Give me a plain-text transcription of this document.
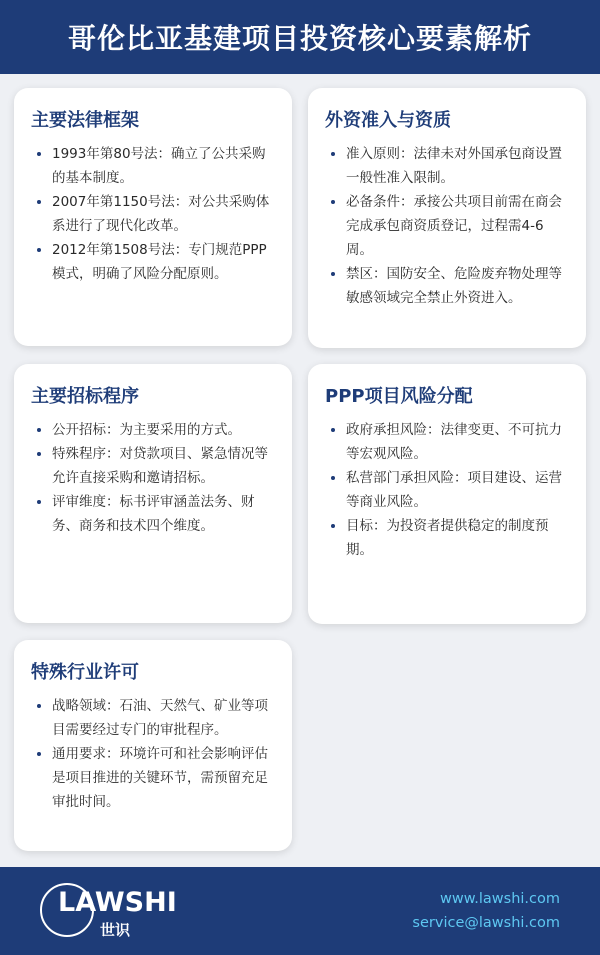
哥伦比亚基建项目投资核心要素解析
主要法律框架
• 1993年第80号法：确立了公共采购的基本制度。
• 2007年第1150号法：对公共采购体系进行了现代化改革。
• 2012年第1508号法：专门规范PPP模式，明确了风险分配原则。
外资准入与资质
• 准入原则：法律未对外国承包商设置一般性准入限制。
• 必备条件：承接公共项目前需在商会完成承包商资质登记，过程需4-6周。
• 禁区：国防安全、危险废弃物处理等敏感领域完全禁止外资进入。
主要招标程序
• 公开招标：为主要采用的方式。
• 特殊程序：对贷款项目、紧急情况等允许直接采购和邀请招标。
• 评审维度：标书评审涵盖法务、财务、商务和技术四个维度。
PPP项目风险分配
• 政府承担风险：法律变更、不可抗力等宏观风险。
• 私营部门承担风险：项目建设、运营等商业风险。
• 目标：为投资者提供稳定的制度预期。
特殊行业许可
• 战略领域：石油、天然气、矿业等项目需要经过专门的审批程序。
• 通用要求：环境许可和社会影响评估是项目推进的关键环节，需预留充足审批时间。
LAWSHI
世识
www.lawshi.com
service@lawshi.com
